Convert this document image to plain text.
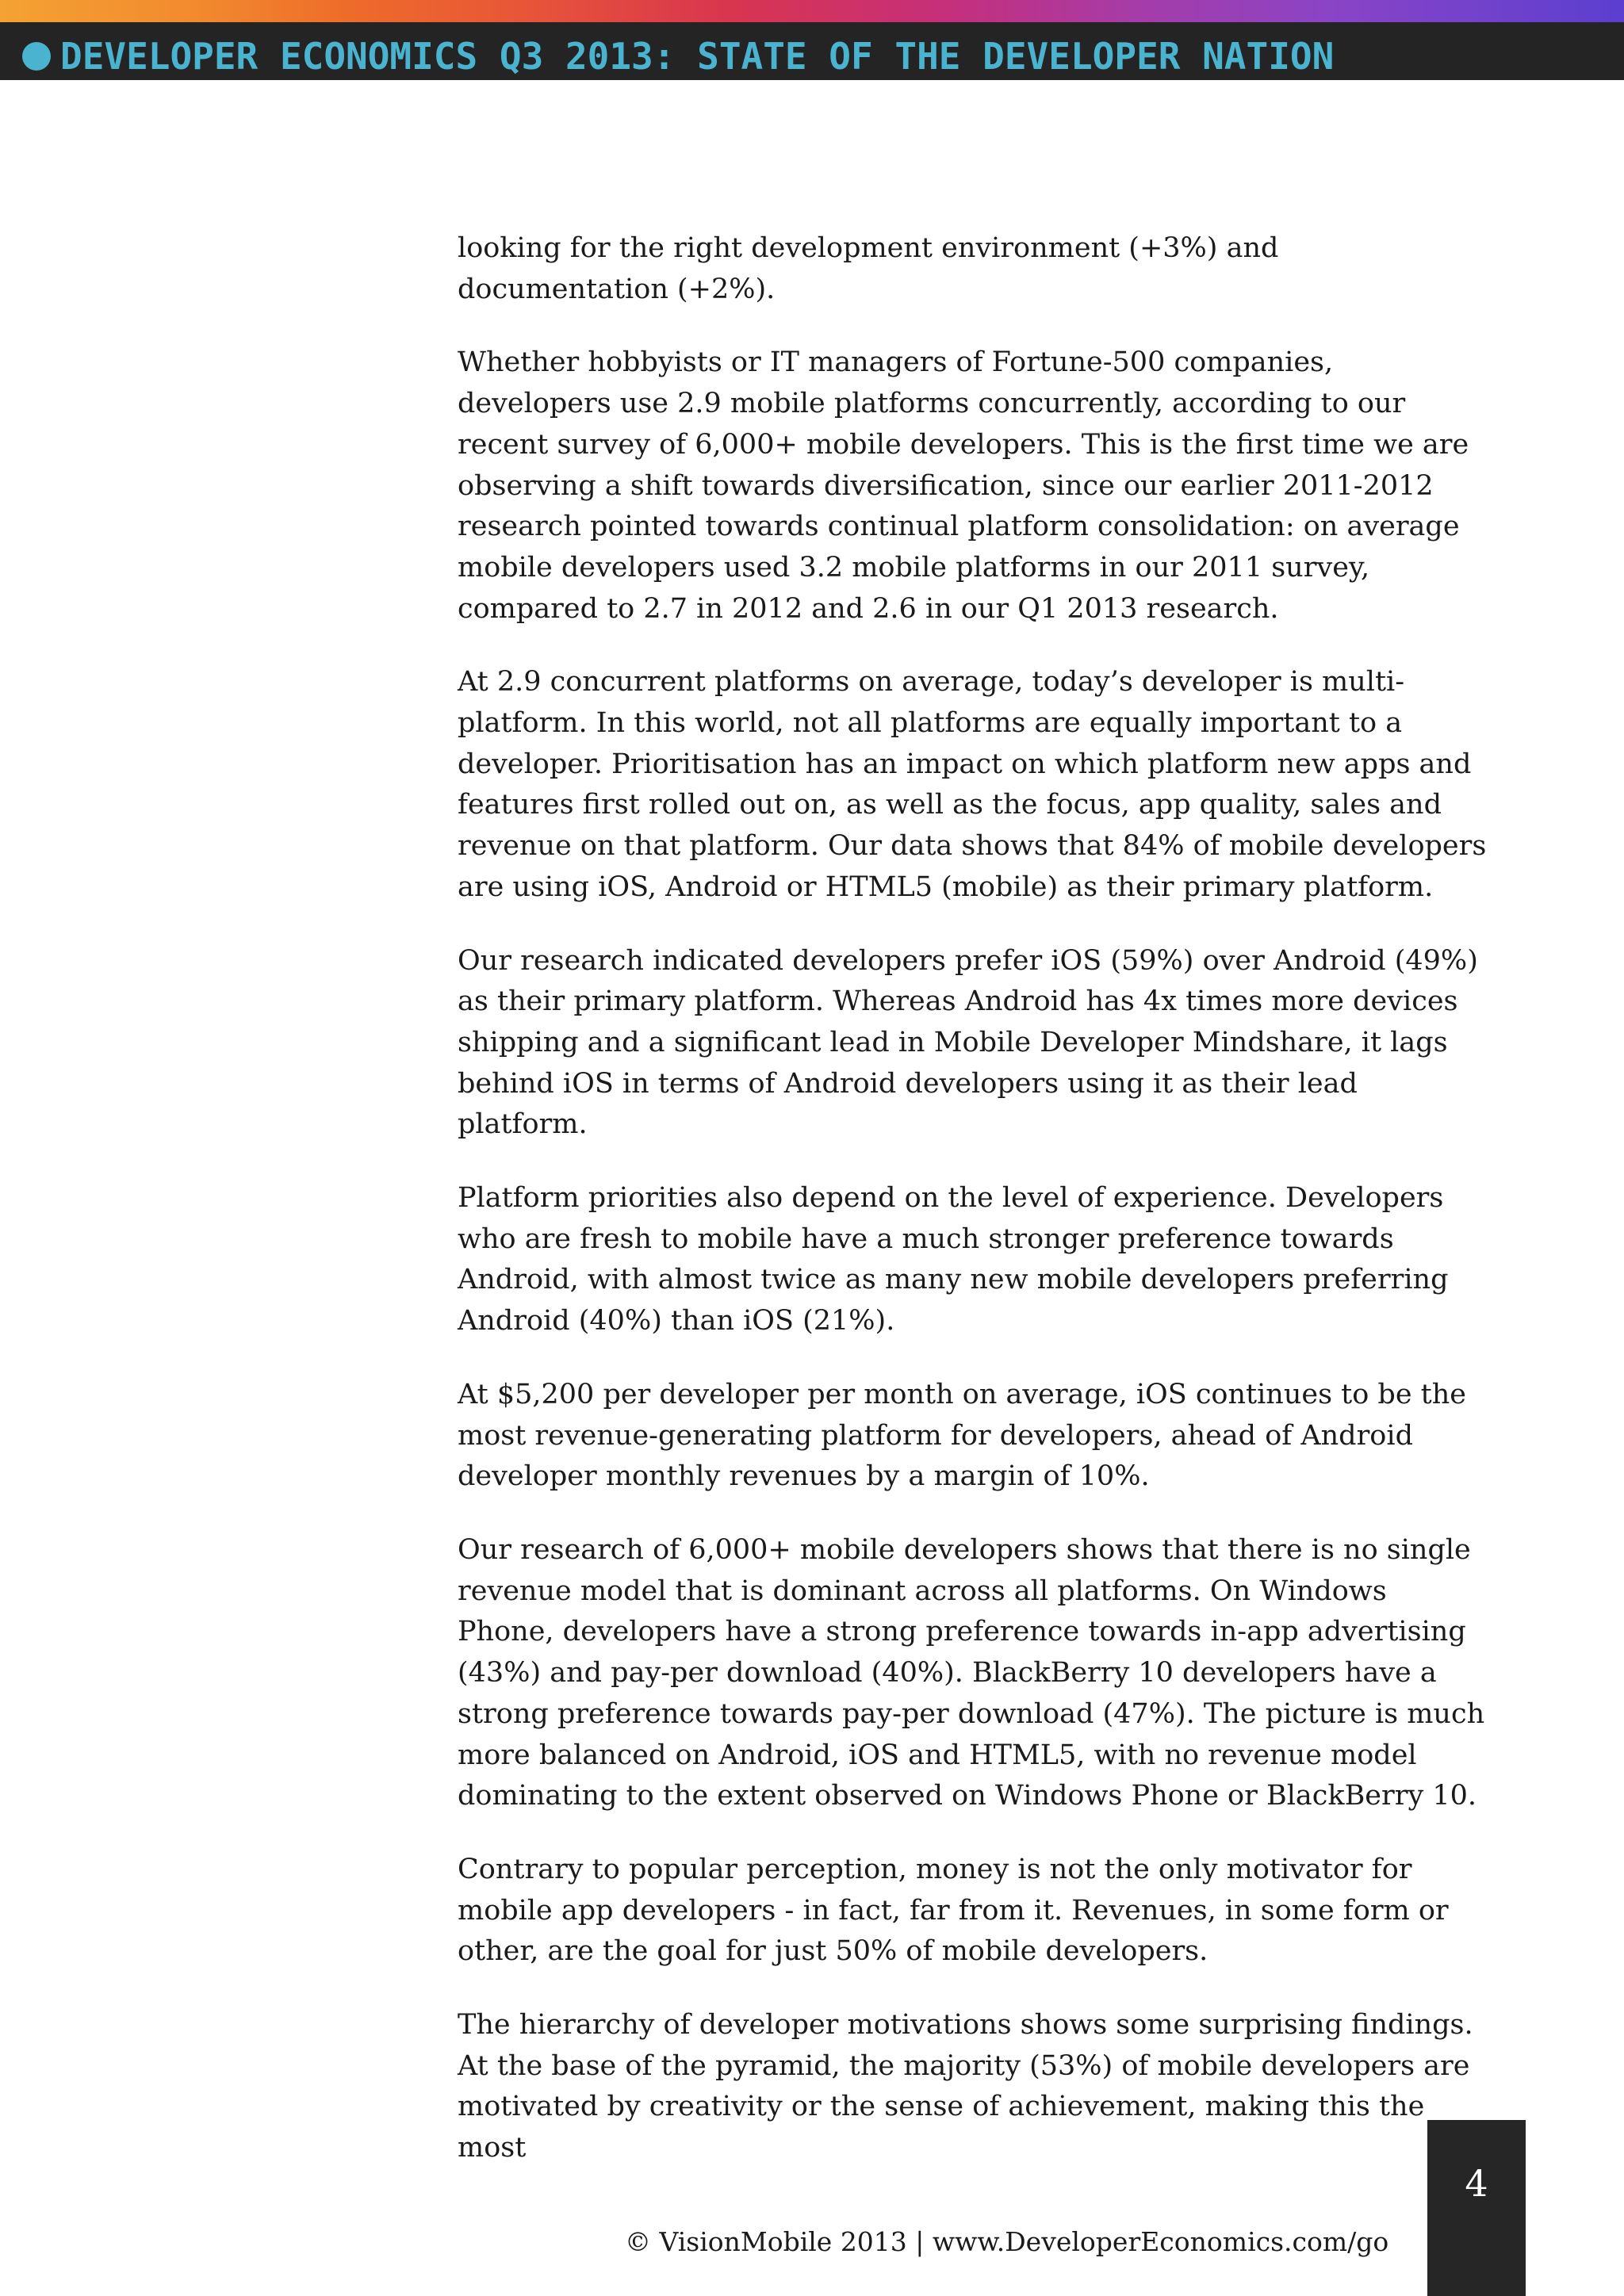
DEVELOPER ECONOMICS Q3 2013: STATE OF THE DEVELOPER NATION

looking for the right development environment (+3%) and documentation (+2%).

Whether hobbyists or IT managers of Fortune-500 companies, developers use 2.9 mobile platforms concurrently, according to our recent survey of 6,000+ mobile developers. This is the first time we are observing a shift towards diversification, since our earlier 2011-2012 research pointed towards continual platform consolidation: on average mobile developers used 3.2 mobile platforms in our 2011 survey, compared to 2.7 in 2012 and 2.6 in our Q1 2013 research.

At 2.9 concurrent platforms on average, today’s developer is multi-platform. In this world, not all platforms are equally important to a developer. Prioritisation has an impact on which platform new apps and features first rolled out on, as well as the focus, app quality, sales and revenue on that platform. Our data shows that 84% of mobile developers are using iOS, Android or HTML5 (mobile) as their primary platform.

Our research indicated developers prefer iOS (59%) over Android (49%) as their primary platform. Whereas Android has 4x times more devices shipping and a significant lead in Mobile Developer Mindshare, it lags behind iOS in terms of Android developers using it as their lead platform.

Platform priorities also depend on the level of experience. Developers who are fresh to mobile have a much stronger preference towards Android, with almost twice as many new mobile developers preferring Android (40%) than iOS (21%).

At $5,200 per developer per month on average, iOS continues to be the most revenue-generating platform for developers, ahead of Android developer monthly revenues by a margin of 10%.

Our research of 6,000+ mobile developers shows that there is no single revenue model that is dominant across all platforms. On Windows Phone, developers have a strong preference towards in-app advertising (43%) and pay-per download (40%). BlackBerry 10 developers have a strong preference towards pay-per download (47%). The picture is much more balanced on Android, iOS and HTML5, with no revenue model dominating to the extent observed on Windows Phone or BlackBerry 10.

Contrary to popular perception, money is not the only motivator for mobile app developers - in fact, far from it. Revenues, in some form or other, are the goal for just 50% of mobile developers.

The hierarchy of developer motivations shows some surprising findings. At the base of the pyramid, the majority (53%) of mobile developers are motivated by creativity or the sense of achievement, making this the most

4
© VisionMobile 2013 | www.DeveloperEconomics.com/go
